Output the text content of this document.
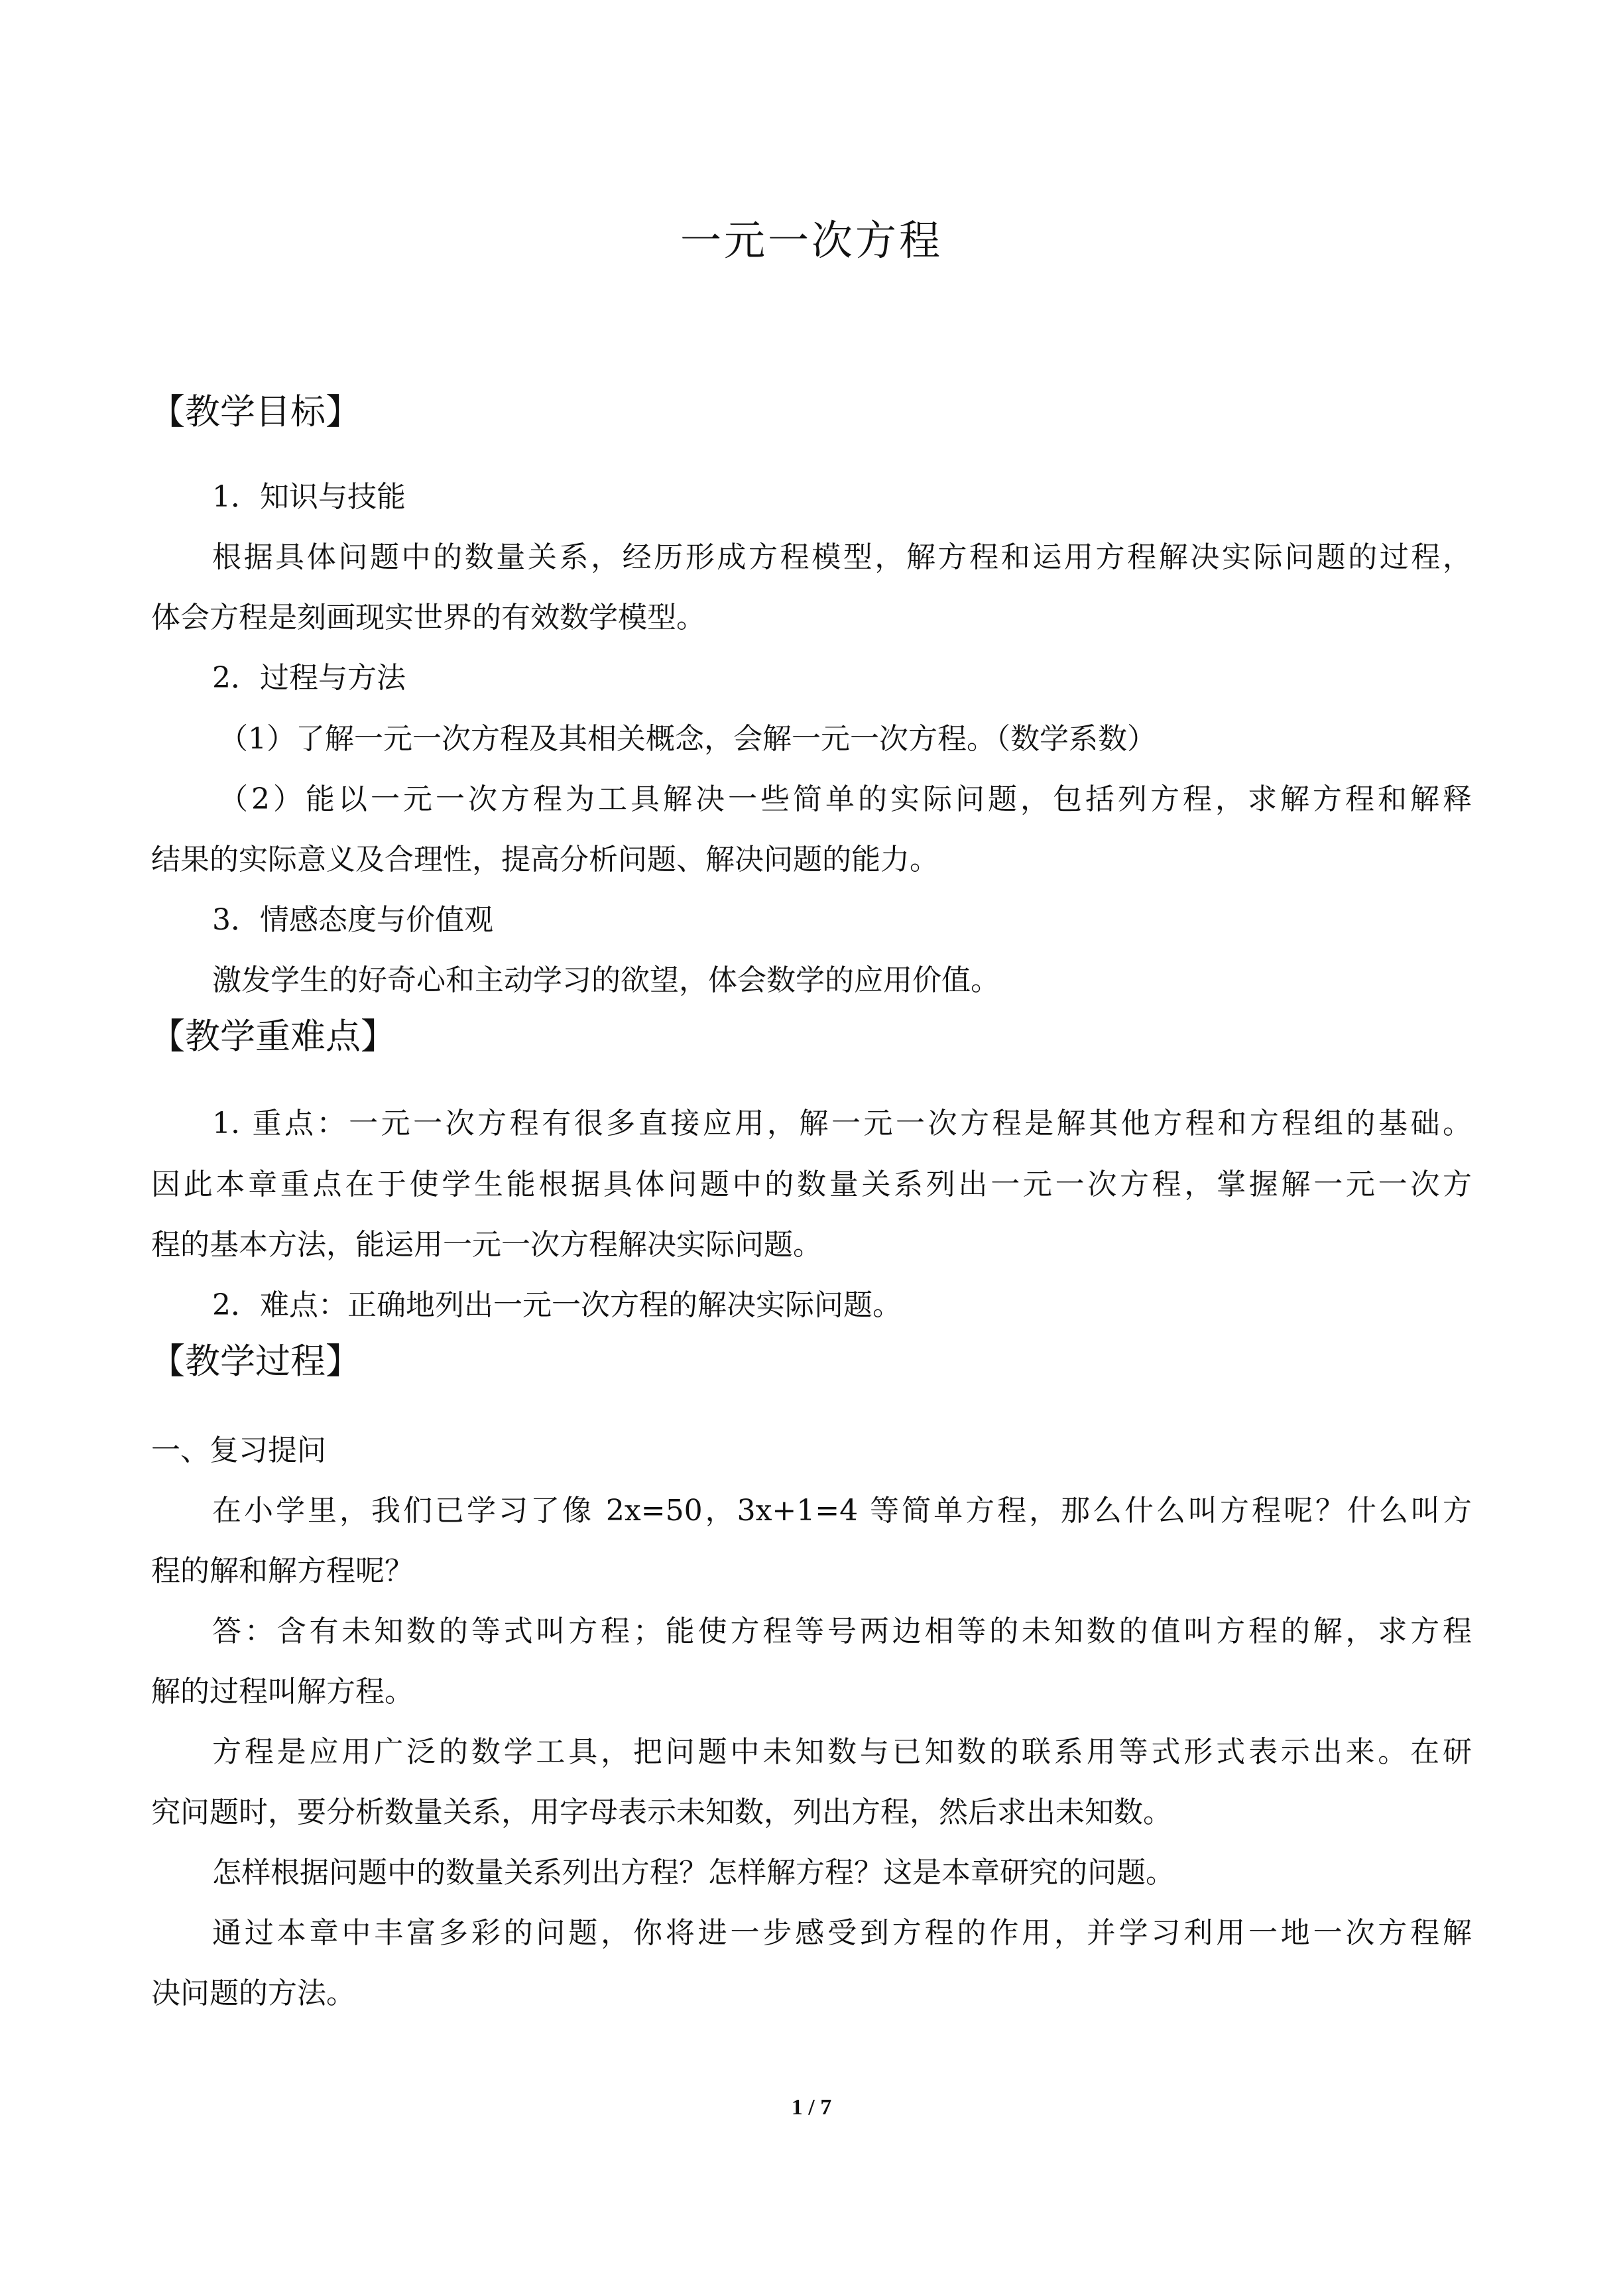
一元一次方程
【教学目标】
1．知识与技能
根据具体问题中的数量关系，经历形成方程模型，解方程和运用方程解决实际问题的过程，
体会方程是刻画现实世界的有效数学模型。
2．过程与方法
（1）了解一元一次方程及其相关概念，会解一元一次方程。（数学系数）
（2）能以一元一次方程为工具解决一些简单的实际问题，包括列方程，求解方程和解释
结果的实际意义及合理性，提高分析问题、解决问题的能力。
3．情感态度与价值观
激发学生的好奇心和主动学习的欲望，体会数学的应用价值。
【教学重难点】
1. 重点：一元一次方程有很多直接应用，解一元一次方程是解其他方程和方程组的基础。
因此本章重点在于使学生能根据具体问题中的数量关系列出一元一次方程，掌握解一元一次方
程的基本方法，能运用一元一次方程解决实际问题。
2．难点：正确地列出一元一次方程的解决实际问题。
【教学过程】
一、复习提问
在小学里，我们已学习了像 2x=50，3x+1=4 等简单方程，那么什么叫方程呢？什么叫方
程的解和解方程呢？
答：含有未知数的等式叫方程；能使方程等号两边相等的未知数的值叫方程的解，求方程
解的过程叫解方程。
方程是应用广泛的数学工具，把问题中未知数与已知数的联系用等式形式表示出来。在研
究问题时，要分析数量关系，用字母表示未知数，列出方程，然后求出未知数。
怎样根据问题中的数量关系列出方程？怎样解方程？这是本章研究的问题。
通过本章中丰富多彩的问题，你将进一步感受到方程的作用，并学习利用一地一次方程解
决问题的方法。
1 / 7
